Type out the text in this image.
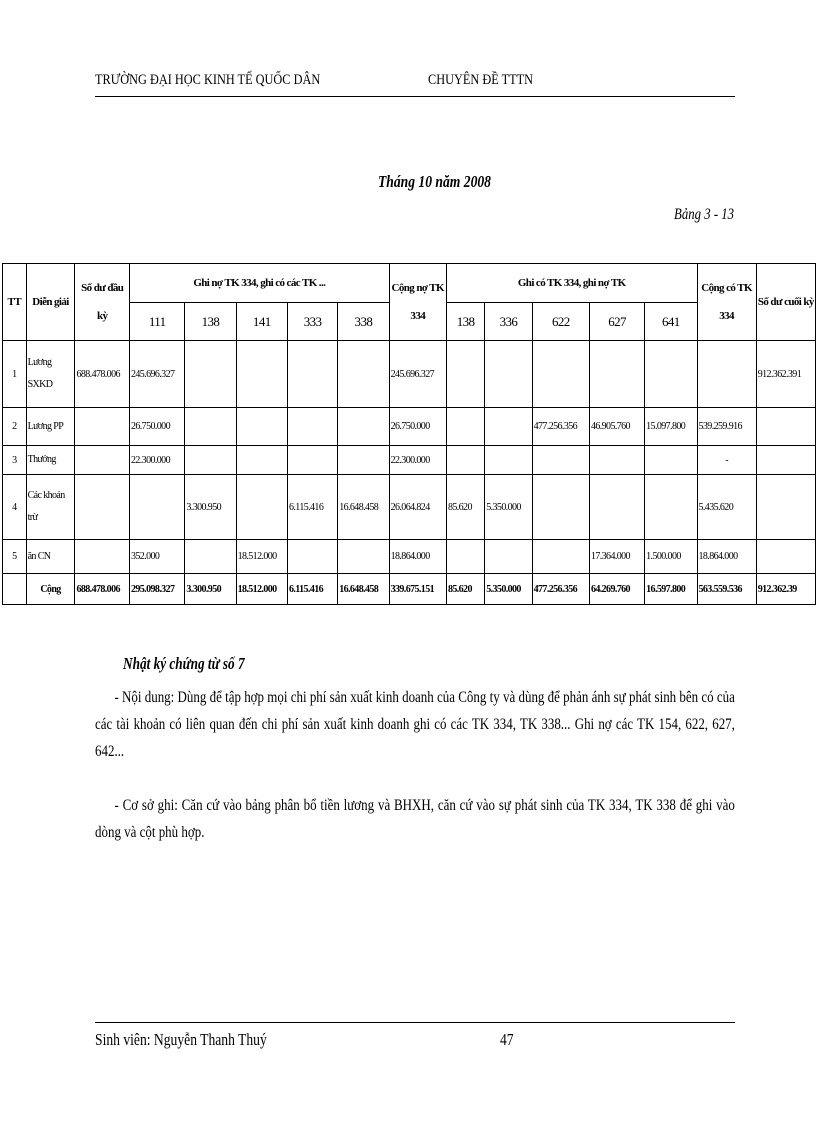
TRƯỜNG ĐẠI HỌC KINH TẾ QUỐC DÂN	CHUYÊN ĐỀ TTTN
Tháng 10 năm 2008
Bảng 3 - 13
TT	Diễn giải	Số dư đầu kỳ	Ghi nợ TK 334, ghi có các TK ...					Cộng nợ TK 334	Ghi có TK 334, ghi nợ TK					Cộng có TK 334	Số dư cuối kỳ
			111	138	141	333	338		138	336	622	627	641		
1	Lương SXKD	688.478.006	245.696.327					245.696.327							912.362.391
2	Lương PP		26.750.000					26.750.000			477.256.356	46.905.760	15.097.800	539.259.916	
3	Thưởng		22.300.000					22.300.000						-	
4	Các khoản trừ			3.300.950		6.115.416	16.648.458	26.064.824	85.620	5.350.000				5.435.620	
5	ăn CN		352.000		18.512.000			18.864.000				17.364.000	1.500.000	18.864.000	
	Cộng	688.478.006	295.098.327	3.300.950	18.512.000	6.115.416	16.648.458	339.675.151	85.620	5.350.000	477.256.356	64.269.760	16.597.800	563.559.536	912.362.39
Nhật ký chứng từ số 7
- Nội dung: Dùng để tập hợp mọi chi phí sản xuất kinh doanh của Công ty và dùng để phản ánh sự phát sinh bên có của các tài khoản có liên quan đến chi phí sản xuất kinh doanh ghi có các TK 334, TK 338... Ghi nợ các TK 154, 622, 627, 642...
- Cơ sở ghi: Căn cứ vào bảng phân bổ tiền lương và BHXH, căn cứ vào sự phát sinh của TK 334, TK 338 để ghi vào dòng và cột phù hợp.
Sinh viên: Nguyễn Thanh Thuý	47
